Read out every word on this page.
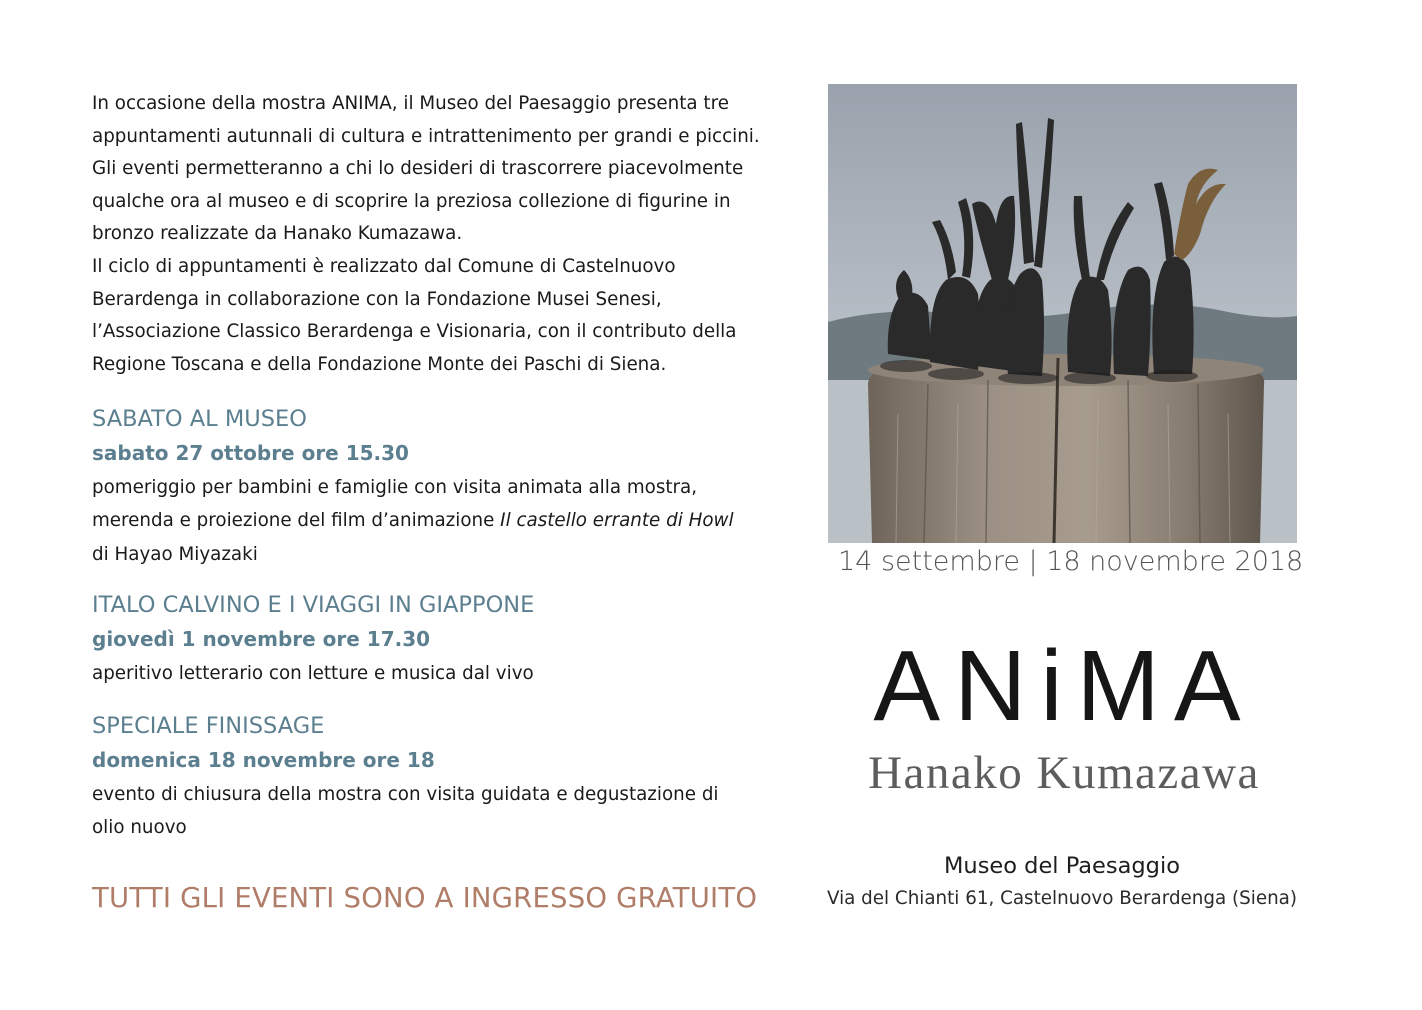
In occasione della mostra ANIMA, il Museo del Paesaggio presenta tre

appuntamenti autunnali di cultura e intrattenimento per grandi e piccini.

Gli eventi permetteranno a chi lo desideri di trascorrere piacevolmente

qualche ora al museo e di scoprire la preziosa collezione di figurine in

bronzo realizzate da Hanako Kumazawa.

Il ciclo di appuntamenti è realizzato dal Comune di Castelnuovo

Berardenga in collaborazione con la Fondazione Musei Senesi,

l’Associazione Classico Berardenga e Visionaria, con il contributo della

Regione Toscana e della Fondazione Monte dei Paschi di Siena.

SABATO AL MUSEO
sabato 27 ottobre ore 15.30

pomeriggio per bambini e famiglie con visita animata alla mostra,

merenda e proiezione del film d’animazione Il castello errante di Howl

di Hayao Miyazaki

ITALO CALVINO E I VIAGGI IN GIAPPONE
giovedì 1 novembre ore 17.30

aperitivo letterario con letture e musica dal vivo

SPECIALE FINISSAGE
domenica 18 novembre ore 18

evento di chiusura della mostra con visita guidata e degustazione di

olio nuovo

TUTTI GLI EVENTI SONO A INGRESSO GRATUITO
14 settembre | 18 novembre 2018
ANiMA
Hanako Kumazawa
Museo del Paesaggio
Via del Chianti 61, Castelnuovo Berardenga (Siena)
